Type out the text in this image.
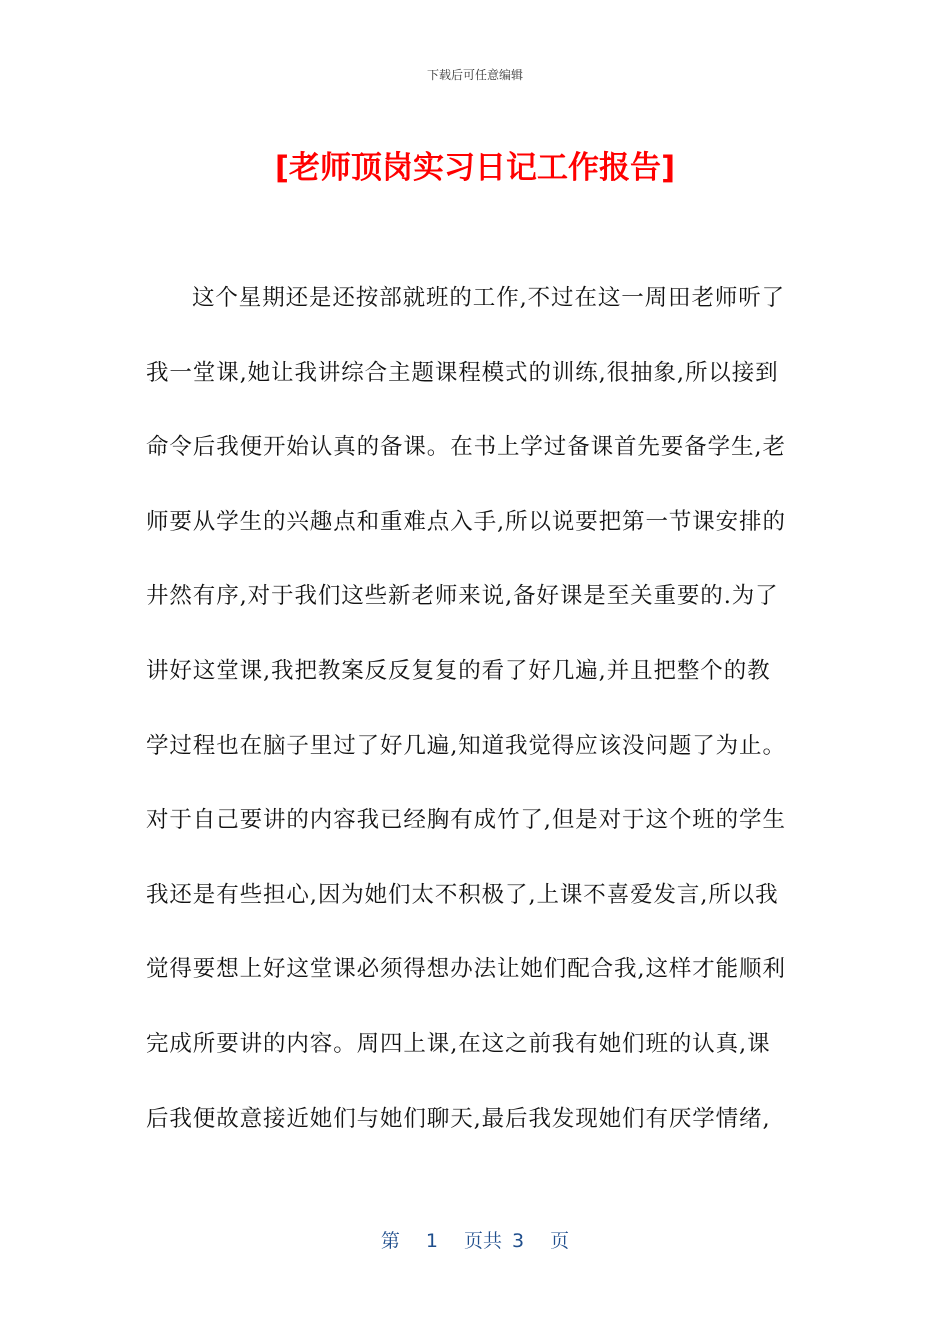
下载后可任意编辑
[老师顶岗实习日记工作报告]
这个星期还是还按部就班的工作,不过在这一周田老师听了
我一堂课,她让我讲综合主题课程模式的训练,很抽象,所以接到
命令后我便开始认真的备课。在书上学过备课首先要备学生,老
师要从学生的兴趣点和重难点入手,所以说要把第一节课安排的
井然有序,对于我们这些新老师来说,备好课是至关重要的.为了
讲好这堂课,我把教案反反复复的看了好几遍,并且把整个的教
学过程也在脑子里过了好几遍,知道我觉得应该没问题了为止。
对于自己要讲的内容我已经胸有成竹了,但是对于这个班的学生
我还是有些担心,因为她们太不积极了,上课不喜爱发言,所以我
觉得要想上好这堂课必须得想办法让她们配合我,这样才能顺利
完成所要讲的内容。周四上课,在这之前我有她们班的认真,课
后我便故意接近她们与她们聊天,最后我发现她们有厌学情绪,
第 1 页共 3 页
